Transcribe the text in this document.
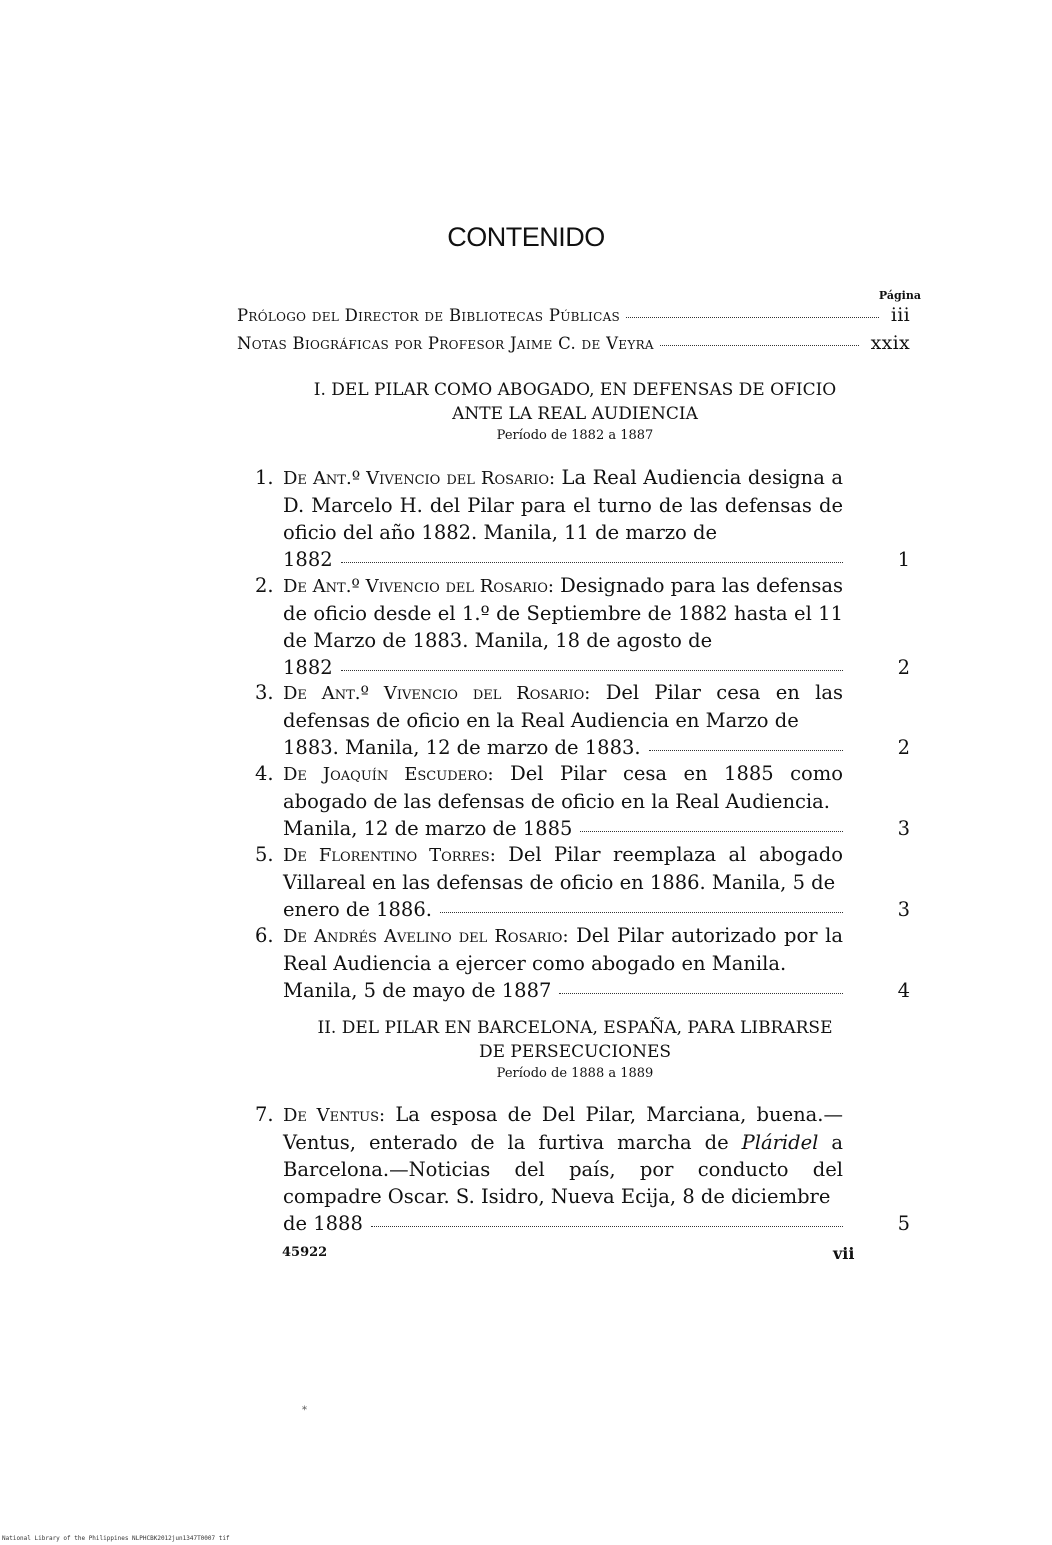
CONTENIDO
Página
Prólogo del Director de Bibliotecas Públicas	iii
Notas Biográficas por Profesor Jaime C. de Veyra	xxix
I. DEL PILAR COMO ABOGADO, EN DEFENSAS DE OFICIO
ANTE LA REAL AUDIENCIA
Período de 1882 a 1887
1. De Ant.º Vivencio del Rosario: La Real Audiencia designa a D. Marcelo H. del Pilar para el turno de las defensas de oficio del año 1882. Manila, 11 de marzo de
1882	1
2. De Ant.º Vivencio del Rosario: Designado para las defensas de oficio desde el 1.º de Septiembre de 1882 hasta el 11 de Marzo de 1883. Manila, 18 de agosto de
1882	2
3. De Ant.º Vivencio del Rosario: Del Pilar cesa en las defensas de oficio en la Real Audiencia en Marzo de
1883. Manila, 12 de marzo de 1883.	2
4. De Joaquín Escudero: Del Pilar cesa en 1885 como abogado de las defensas de oficio en la Real Audiencia.
Manila, 12 de marzo de 1885	3
5. De Florentino Torres: Del Pilar reemplaza al abogado Villareal en las defensas de oficio en 1886. Manila, 5 de
enero de 1886.	3
6. De Andrés Avelino del Rosario: Del Pilar autorizado por la Real Audiencia a ejercer como abogado en Manila.
Manila, 5 de mayo de 1887	4
II. DEL PILAR EN BARCELONA, ESPAÑA, PARA LIBRARSE
DE PERSECUCIONES
Período de 1888 a 1889
7. De Ventus: La esposa de Del Pilar, Marciana, buena.—Ventus, enterado de la furtiva marcha de Pláridel a Barcelona.—Noticias del país, por conducto del compadre Oscar. S. Isidro, Nueva Ecija, 8 de diciembre
de 1888	5
45922	vii
*
National Library of the Philippines NLPHCBK2012jun1347T0007 tif
